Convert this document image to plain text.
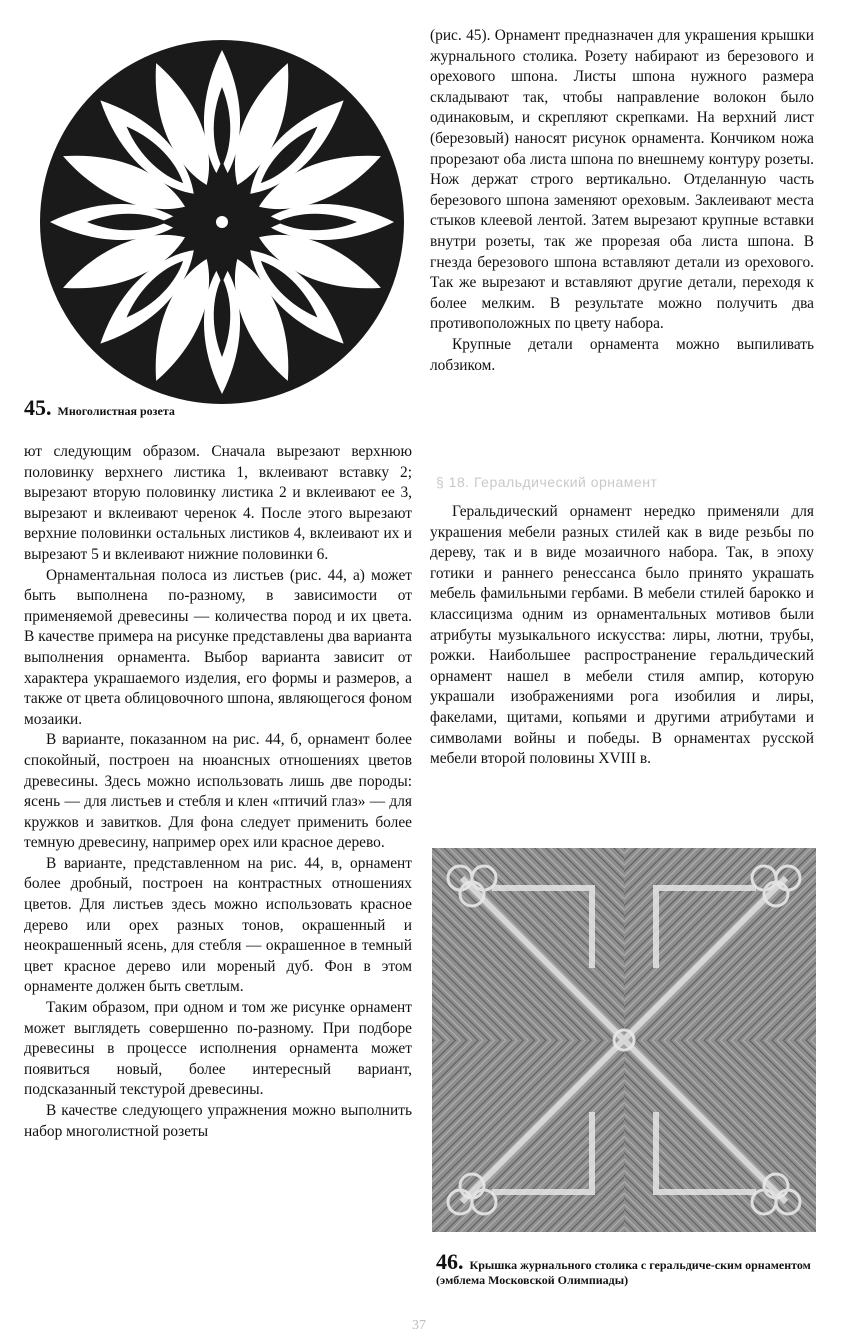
45. Многолистная розета

ют следующим образом. Сначала вырезают верхнюю половинку верхнего листика 1, вклеивают вставку 2; вырезают вторую половинку листика 2 и вклеивают ее 3, вырезают и вклеивают черенок 4. После этого вырезают верхние половинки остальных листиков 4, вклеивают их и вырезают 5 и вклеивают нижние половинки 6.

Орнаментальная полоса из листьев (рис. 44, а) может быть выполнена по-разному, в зависимости от применяемой древесины — количества пород и их цвета. В качестве примера на рисунке представлены два варианта выполнения орнамента. Выбор варианта зависит от характера украшаемого изделия, его формы и размеров, а также от цвета облицовочного шпона, являющегося фоном мозаики.

В варианте, показанном на рис. 44, б, орнамент более спокойный, построен на нюансных отношениях цветов древесины. Здесь можно использовать лишь две породы: ясень — для листьев и стебля и клен «птичий глаз» — для кружков и завитков. Для фона следует применить более темную древесину, например орех или красное дерево.

В варианте, представленном на рис. 44, в, орнамент более дробный, построен на контрастных отношениях цветов. Для листьев здесь можно использовать красное дерево или орех разных тонов, окрашенный и неокрашенный ясень, для стебля — окрашенное в темный цвет красное дерево или мореный дуб. Фон в этом орнаменте должен быть светлым.

Таким образом, при одном и том же рисунке орнамент может выглядеть совершенно по-разному. При подборе древесины в процессе исполнения орнамента может появиться новый, более интересный вариант, подсказанный текстурой древесины.

В качестве следующего упражнения можно выполнить набор многолистной розеты

(рис. 45). Орнамент предназначен для украшения крышки журнального столика. Розету набирают из березового и орехового шпона. Листы шпона нужного размера складывают так, чтобы направление волокон было одинаковым, и скрепляют скрепками. На верхний лист (березовый) наносят рисунок орнамента. Кончиком ножа прорезают оба листа шпона по внешнему контуру розеты. Нож держат строго вертикально. Отделанную часть березового шпона заменяют ореховым. Заклеивают места стыков клеевой лентой. Затем вырезают крупные вставки внутри розеты, так же прорезая оба листа шпона. В гнезда березового шпона вставляют детали из орехового. Так же вырезают и вставляют другие детали, переходя к более мелким. В результате можно получить два противоположных по цвету набора.

Крупные детали орнамента можно выпиливать лобзиком.

§ 18. Геральдический орнамент

Геральдический орнамент нередко применяли для украшения мебели разных стилей как в виде резьбы по дереву, так и в виде мозаичного набора. Так, в эпоху готики и раннего ренессанса было принято украшать мебель фамильными гербами. В мебели стилей барокко и классицизма одним из орнаментальных мотивов были атрибуты музыкального искусства: лиры, лютни, трубы, рожки. Наибольшее распространение геральдический орнамент нашел в мебели стиля ампир, которую украшали изображениями рога изобилия и лиры, факелами, щитами, копьями и другими атрибутами и символами войны и победы. В орнаментах русской мебели второй половины XVIII в.

46. Крышка журнального столика с геральдиче-ским орнаментом (эмблема Московской Олимпиады)
37
